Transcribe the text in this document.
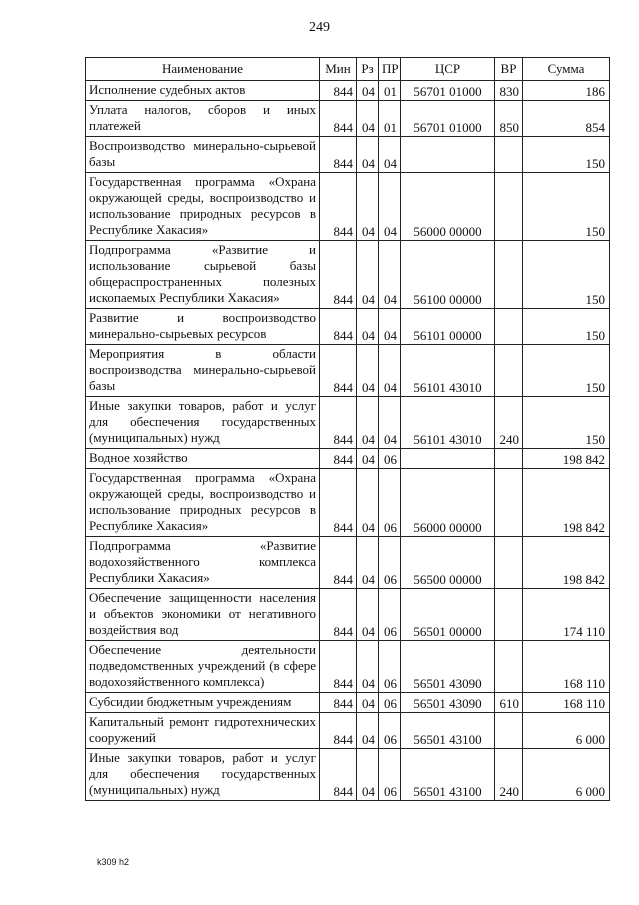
249
Наименование	Мин	Рз	ПР	ЦСР	ВР	Сумма
Исполнение судебных актов	844	04	01	56701 01000	830	186
Уплата налогов, сборов и иных платежей	844	04	01	56701 01000	850	854
Воспроизводство минерально-сырьевой базы	844	04	04			150
Государственная программа «Охрана окружающей среды, воспроизводство и использование природных ресурсов в Республике Хакасия»	844	04	04	56000 00000		150
Подпрограмма «Развитие и использование сырьевой базы общераспространенных полезных ископаемых Республики Хакасия»	844	04	04	56100 00000		150
Развитие и воспроизводство минерально-сырьевых ресурсов	844	04	04	56101 00000		150
Мероприятия в области воспроизводства минерально-сырьевой базы	844	04	04	56101 43010		150
Иные закупки товаров, работ и услуг для обеспечения государственных (муниципальных) нужд	844	04	04	56101 43010	240	150
Водное хозяйство	844	04	06			198 842
Государственная программа «Охрана окружающей среды, воспроизводство и использование природных ресурсов в Республике Хакасия»	844	04	06	56000 00000		198 842
Подпрограмма «Развитие водохозяйственного комплекса Республики Хакасия»	844	04	06	56500 00000		198 842
Обеспечение защищенности населения и объектов экономики от негативного воздействия вод	844	04	06	56501 00000		174 110
Обеспечение деятельности подведомственных учреждений (в сфере водохозяйственного комплекса)	844	04	06	56501 43090		168 110
Субсидии бюджетным учреждениям	844	04	06	56501 43090	610	168 110
Капитальный ремонт гидротехнических сооружений	844	04	06	56501 43100		6 000
Иные закупки товаров, работ и услуг для обеспечения государственных (муниципальных) нужд	844	04	06	56501 43100	240	6 000
k309 h2
